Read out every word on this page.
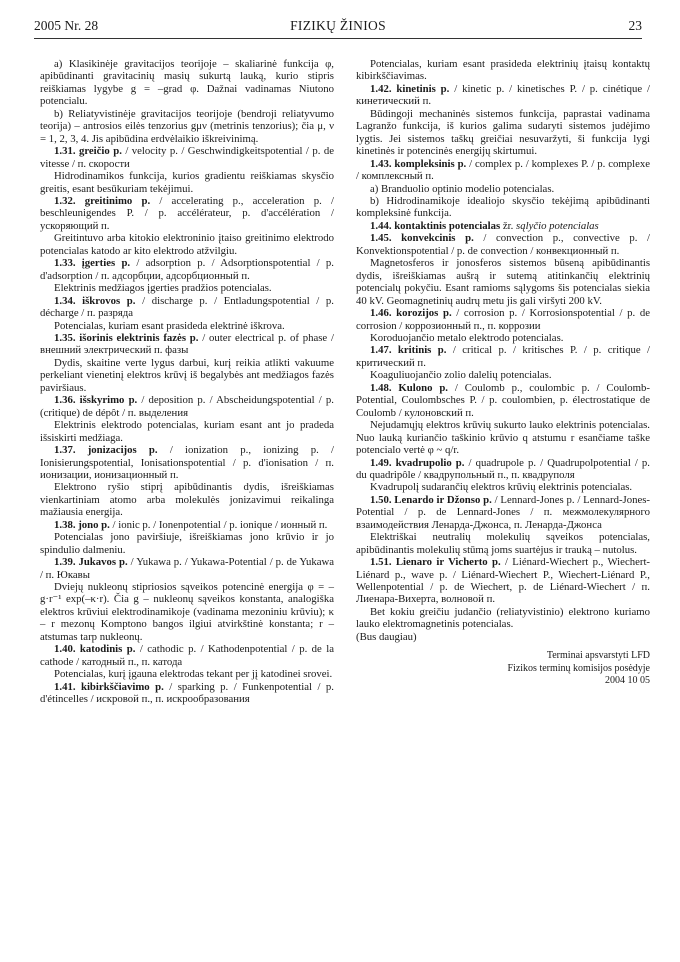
2005 Nr. 28	FIZIKŲ ŽINIOS	23

a) Klasikinėje gravitacijos teorijoje – skaliarinė funkcija φ, apibūdinanti gravitacinių masių sukurtą lauką, kurio stipris reiškiamas lygybe g = –grad φ. Dažnai vadinamas Niutono potencialu.

b) Reliatyvistinėje gravitacijos teorijoje (bendroji reliatyvumo teorija) – antrosios eilės tenzorius gμν (metrinis tenzorius); čia μ, ν = 1, 2, 3, 4. Jis apibūdina erdvėlaikio iškreivinimą.

1.31. greičio p. / velocity p. / Geschwindigkeitspotential / p. de vitesse / п. скорости

Hidrodinamikos funkcija, kurios gradientu reiškiamas skysčio greitis, esant besūkuriam tekėjimui.

1.32. greitinimo p. / accelerating p., acceleration p. / beschleunigendes P. / p. accélérateur, p. d'accélération / ускоряющий п.

Greitintuvo arba kitokio elektroninio įtaiso greitinimo elektrodo potencialas katodo ar kito elektrodo atžvilgiu.

1.33. įgerties p. / adsorption p. / Adsorptionspotential / p. d'adsorption / п. адсорбции, адсорбционный п.

Elektrinis medžiagos įgerties pradžios potencialas.

1.34. iškrovos p. / discharge p. / Entladungspotential / p. décharge / п. разряда

Potencialas, kuriam esant prasideda elektrinė iškrova.

1.35. išorinis elektrinis fazės p. / outer electrical p. of phase / внешний электрический п. фазы

Dydis, skaitine verte lygus darbui, kurį reikia atlikti vakuume perkeliant vienetinį elektros krūvį iš begalybės ant medžiagos fazės paviršiaus.

1.36. išskyrimo p. / deposition p. / Abscheidungspotential / p. (critique) de dépôt / п. выделения

Elektrinis elektrodo potencialas, kuriam esant ant jo pradeda išsiskirti medžiaga.

1.37. jonizacijos p. / ionization p., ionizing p. / Ionisierungspotential, Ionisationspotential / p. d'ionisation / п. ионизации, ионизационный п.

Elektrono ryšio stiprį apibūdinantis dydis, išreiškiamas vienkartiniam atomo arba molekulės jonizavimui reikalinga mažiausia energija.

1.38. jono p. / ionic p. / Ionenpotential / p. ionique / ионный п.

Potencialas jono paviršiuje, išreiškiamas jono krūvio ir jo spindulio dalmeniu.

1.39. Jukavos p. / Yukawa p. / Yukawa-Potential / p. de Yukawa / п. Юкавы

Dviejų nukleonų stipriosios sąveikos potencinė energija φ = –g·r⁻¹ exp(–κ·r). Čia g – nukleonų sąveikos konstanta, analogiška elektros krūviui elektrodinamikoje (vadinama mezoniniu krūviu); κ – r mezonų Komptono bangos ilgiui atvirkštinė konstanta; r – atstumas tarp nukleonų.

1.40. katodinis p. / cathodic p. / Kathodenpotential / p. de la cathode / катодный п., п. катода

Potencialas, kurį įgauna elektrodas tekant per jį katodinei srovei.

1.41. kibirkščiavimo p. / sparking p. / Funkenpotential / p. d'étincelles / искровой п., п. искрообразования

Potencialas, kuriam esant prasideda elektrinių įtaisų kontaktų kibirkščiavimas.

1.42. kinetinis p. / kinetic p. / kinetisches P. / p. cinétique / кинетический п.

Būdingoji mechaninės sistemos funkcija, paprastai vadinama Lagranžo funkcija, iš kurios galima sudaryti sistemos judėjimo lygtis. Jei sistemos taškų greičiai nesuvaržyti, ši funkcija lygi kinetinės ir potencinės energijų skirtumui.

1.43. kompleksinis p. / complex p. / komplexes P. / p. complexe / комплексный п.

a) Branduolio optinio modelio potencialas.

b) Hidrodinamikoje idealiojo skysčio tekėjimą apibūdinanti kompleksinė funkcija.

1.44. kontaktinis potencialas žr. sąlyčio potencialas

1.45. konvekcinis p. / convection p., convective p. / Konvektionspotential / p. de convection / конвекционный п.

Magnetosferos ir jonosferos sistemos būseną apibūdinantis dydis, išreiškiamas aušrą ir sutemą atitinkančių elektrinių potencialų pokyčiu. Esant ramioms sąlygoms šis potencialas siekia 40 kV. Geomagnetinių audrų metu jis gali viršyti 200 kV.

1.46. korozijos p. / corrosion p. / Korrosionspotential / p. de corrosion / коррозионный п., п. коррозии

Koroduojančio metalo elektrodo potencialas.

1.47. kritinis p. / critical p. / kritisches P. / p. critique / критический п.

Koaguliuojančio zolio dalelių potencialas.

1.48. Kulono p. / Coulomb p., coulombic p. / Coulomb-Potential, Coulombsches P. / p. coulombien, p. électrostatique de Coulomb / кулоновский п.

Nejudamųjų elektros krūvių sukurto lauko elektrinis potencialas. Nuo lauką kuriančio taškinio krūvio q atstumu r esančiame taške potencialo vertė φ ~ q/r.

1.49. kvadrupolio p. / quadrupole p. / Quadrupolpotential / p. du quadripôle / квадрупольный п., п. квадруполя

Kvadrupolį sudarančių elektros krūvių elektrinis potencialas.

1.50. Lenardo ir Džonso p. / Lennard-Jones p. / Lennard-Jones-Potential / p. de Lennard-Jones / п. межмолекулярного взаимодействия Ленарда-Джонса, п. Ленарда-Джонса

Elektriškai neutralių molekulių sąveikos potencialas, apibūdinantis molekulių stūmą joms suartėjus ir trauką – nutolus.

1.51. Lienaro ir Vicherto p. / Liénard-Wiechert p., Wiechert-Liénard p., wave p. / Liénard-Wiechert P., Wiechert-Liénard P., Wellenpotential / p. de Wiechert, p. de Liénard-Wiechert / п. Лиенара-Вихерта, волновой п.

Bet kokiu greičiu judančio (reliatyvistinio) elektrono kuriamo lauko elektromagnetinis potencialas.

(Bus daugiau)

Terminai apsvarstyti LFD

Fizikos terminų komisijos posėdyje

2004 10 05
